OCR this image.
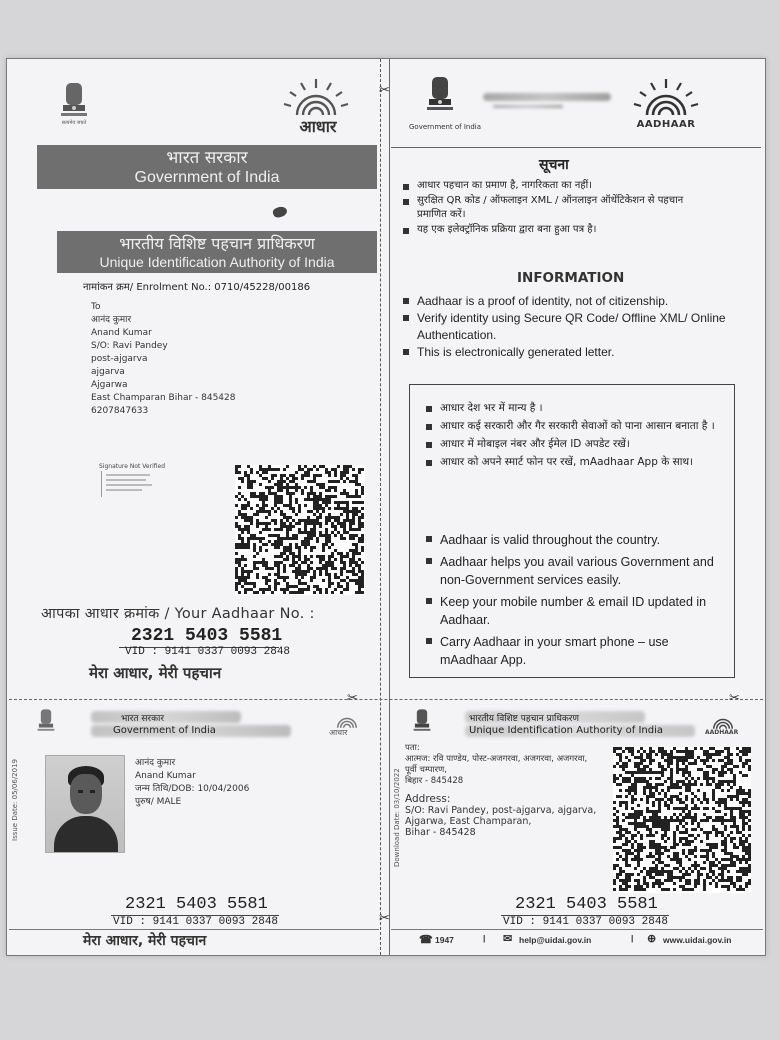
✂
✂	✂
✂
सत्यमेव जयते	आधार
भारत सरकार
Government of India
भारतीय विशिष्ट पहचान प्राधिकरण
Unique Identification Authority of India
नामांकन क्रम/ Enrolment No.: 0710/45228/00186
To
आनंद कुमार
Anand Kumar
S/O: Ravi Pandey
post-ajgarva
ajgarva
Ajgarwa
East Champaran Bihar - 845428
6207847633
Signature Not Verified
आपका आधार क्रमांक / Your Aadhaar No. :
2321 5403 5581
VID : 9141 0337 0093 2848
मेरा आधार, मेरी पहचान
Government of India	AADHAAR
सूचना
आधार पहचान का प्रमाण है, नागरिकता का नहीं।
सुरक्षित QR कोड / ऑफलाइन XML / ऑनलाइन ऑथेंटिकेशन से पहचान प्रमाणित करें।
यह एक इलेक्ट्रॉनिक प्रक्रिया द्वारा बना हुआ पत्र है।
INFORMATION
Aadhaar is a proof of identity, not of citizenship.
Verify identity using Secure QR Code/ Offline XML/ Online Authentication.
This is electronically generated letter.
आधार देश भर में मान्य है ।
आधार कई सरकारी और गैर सरकारी सेवाओं को पाना आसान बनाता है ।
आधार में मोबाइल नंबर और ईमेल ID अपडेट रखें।
आधार को अपने स्मार्ट फोन पर रखें, mAadhaar App के साथ।
Aadhaar is valid throughout the country.
Aadhaar helps you avail various Government and non-Government services easily.
Keep your mobile number & email ID updated in Aadhaar.
Carry Aadhaar in your smart phone – use mAadhaar App.
भारत सरकार
Government of India	आधार
Issue Date: 05/06/2019	आनंद कुमार
Anand Kumar
जन्म तिथि/DOB: 10/04/2006
पुरुष/ MALE
2321 5403 5581
VID : 9141 0337 0093 2848
मेरा आधार, मेरी पहचान
भारतीय विशिष्ट पहचान प्राधिकरण
Unique Identification Authority of India	AADHAAR
Download Date: 03/10/2022
पता:
आत्मज: रवि पाण्डेय, पोस्ट-अजगरवा, अजगरवा, अजगरवा,
पूर्वी चम्पारण,
बिहार - 845428
Address:
S/O: Ravi Pandey, post-ajgarva, ajgarva,
Ajgarwa, East Champaran,
Bihar - 845428
2321 5403 5581
VID : 9141 0337 0093 2848
☎ 1947	| ✉ help@uidai.gov.in	| ⊕ www.uidai.gov.in
